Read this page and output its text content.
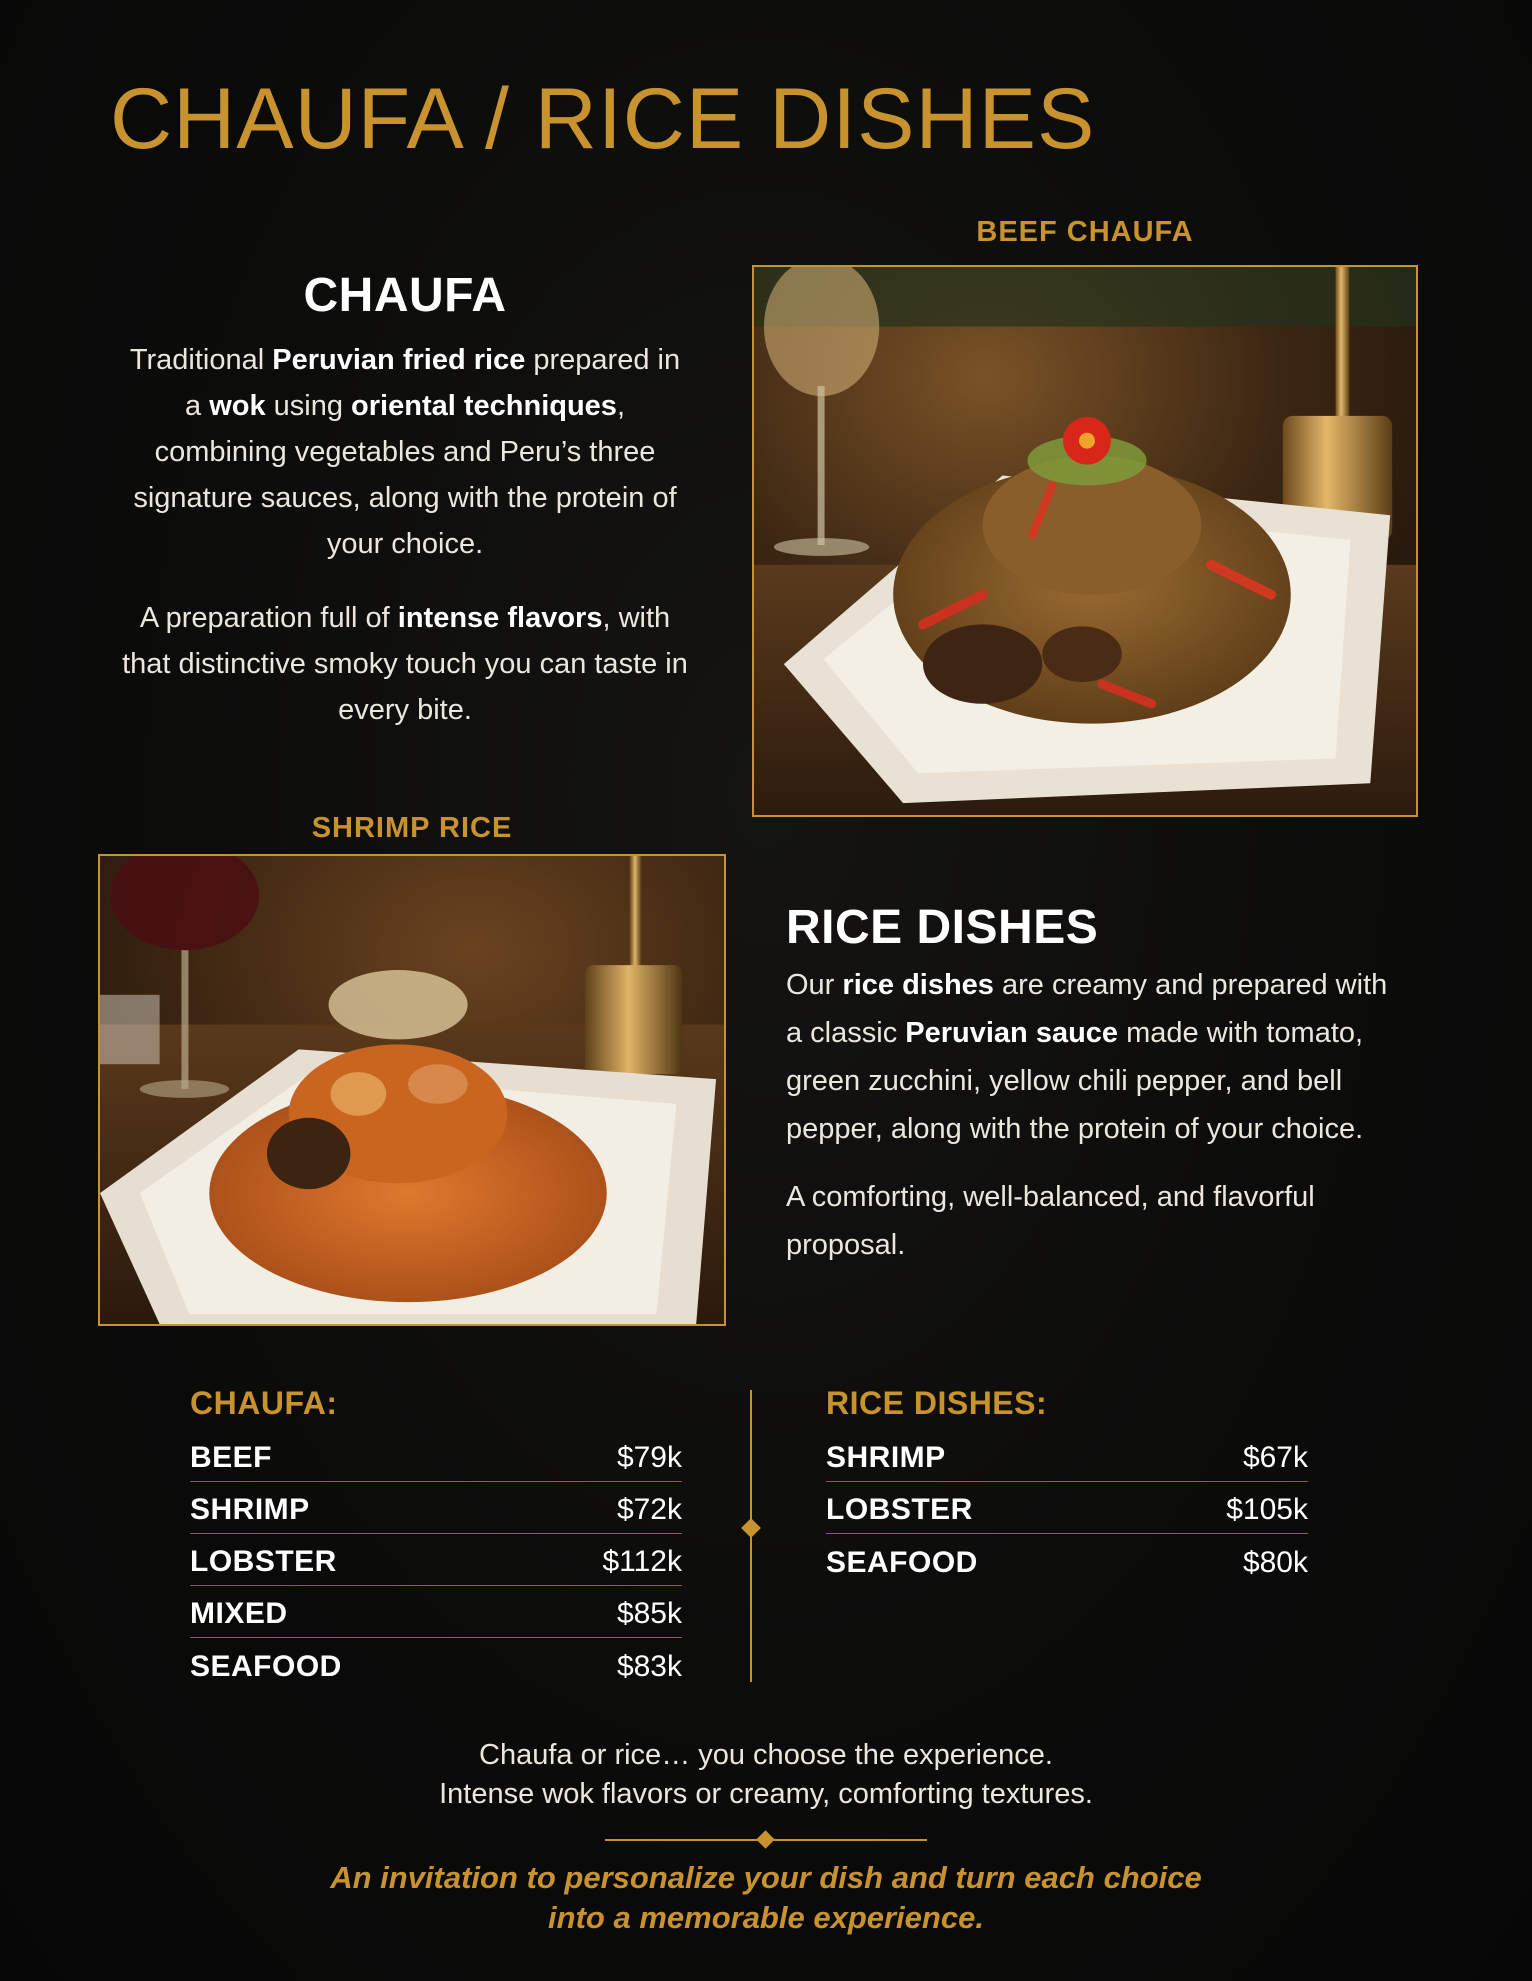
CHAUFA / RICE DISHES
CHAUFA

Traditional Peruvian fried rice prepared in a wok using oriental techniques, combining vegetables and Peru’s three signature sauces, along with the protein of your choice.

A preparation full of intense flavors, with that distinctive smoky touch you can taste in every bite.

BEEF CHAUFA
SHRIMP RICE
RICE DISHES

Our rice dishes are creamy and prepared with a classic Peruvian sauce made with tomato, green zucchini, yellow chili pepper, and bell pepper, along with the protein of your choice.

A comforting, well-balanced, and flavorful proposal.

CHAUFA:
BEEF	$79k
SHRIMP	$72k
LOBSTER	$112k
MIXED	$85k
SEAFOOD	$83k
RICE DISHES:
SHRIMP	$67k
LOBSTER	$105k
SEAFOOD	$80k
Chaufa or rice… you choose the experience.
Intense wok flavors or creamy, comforting textures.
An invitation to personalize your dish and turn each choice
into a memorable experience.
